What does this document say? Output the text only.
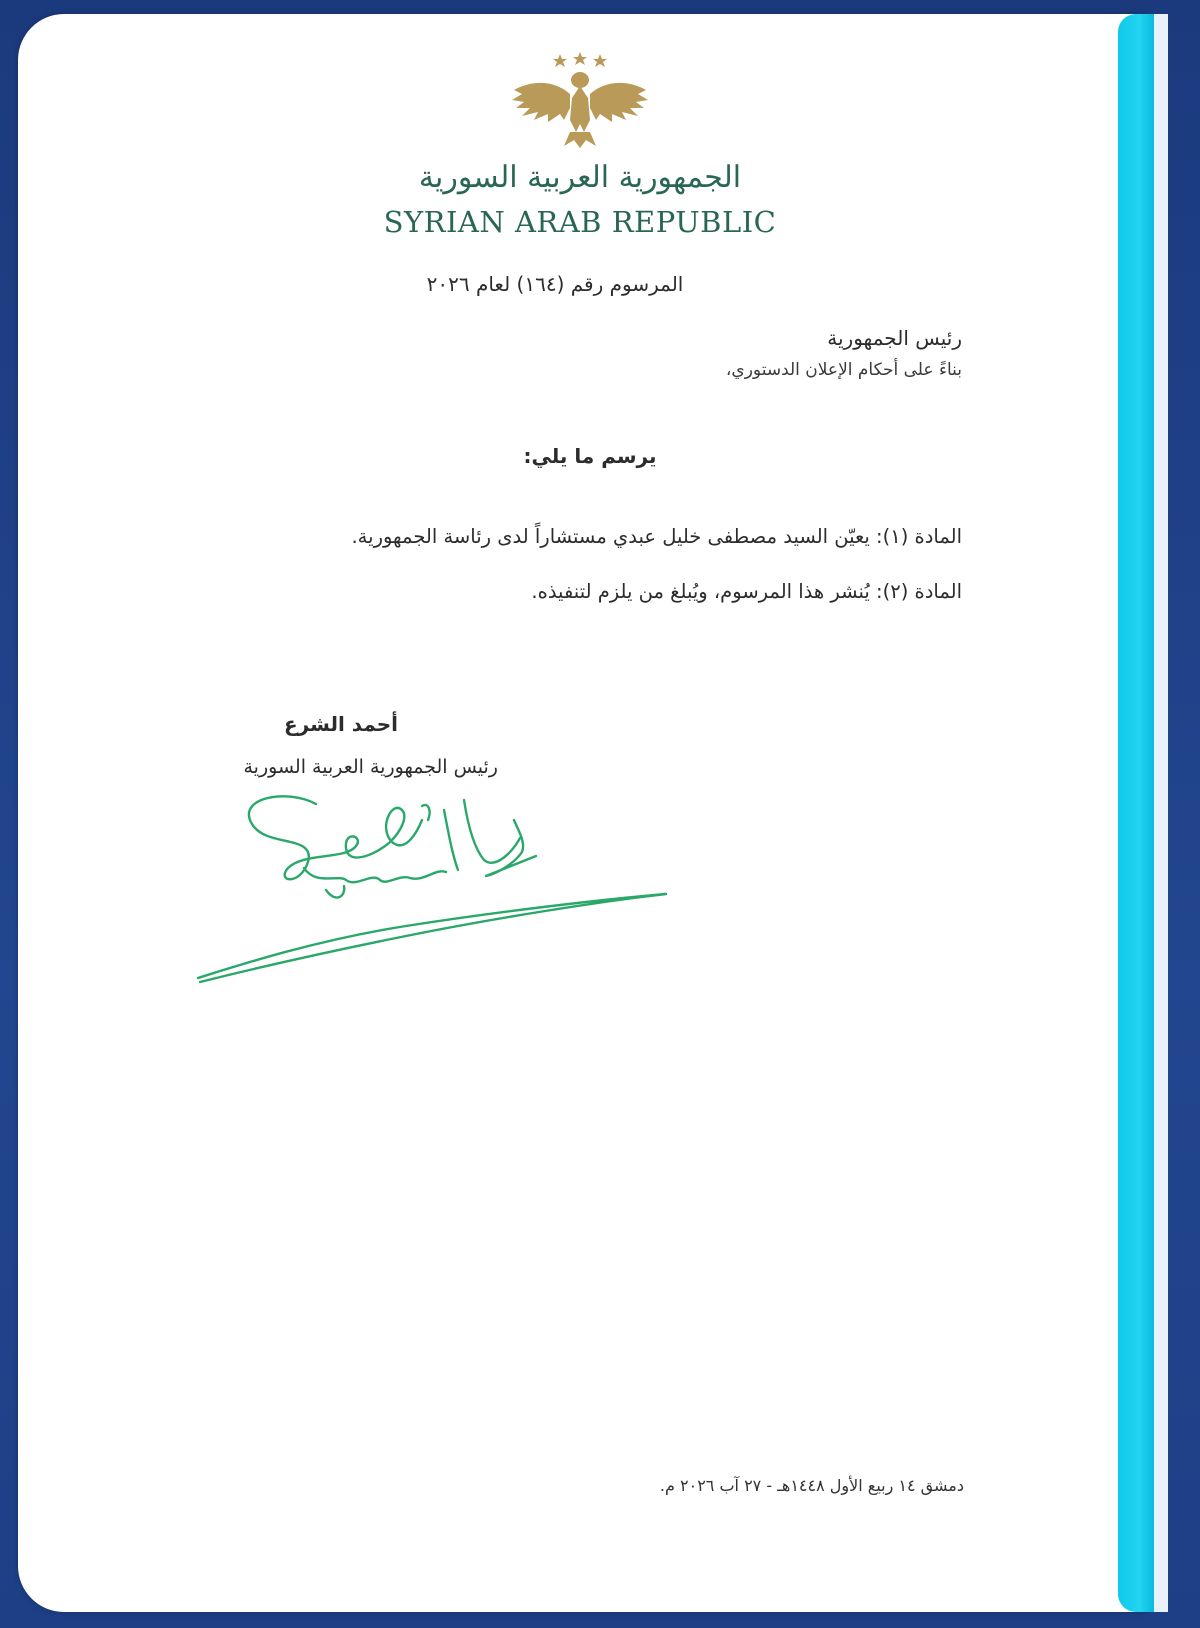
الجمهورية العربية السورية
SYRIAN ARAB REPUBLIC
المرسوم رقم (١٦٤) لعام ٢٠٢٦
رئيس الجمهورية
بناءً على أحكام الإعلان الدستوري،
يرسم ما يلي:
المادة (١): يعيّن السيد مصطفى خليل عبدي مستشاراً لدى رئاسة الجمهورية.
المادة (٢): يُنشر هذا المرسوم، ويُبلغ من يلزم لتنفيذه.
أحمد الشرع
رئيس الجمهورية العربية السورية
دمشق ١٤ ربيع الأول ١٤٤٨هـ - ٢٧ آب ٢٠٢٦ م.
